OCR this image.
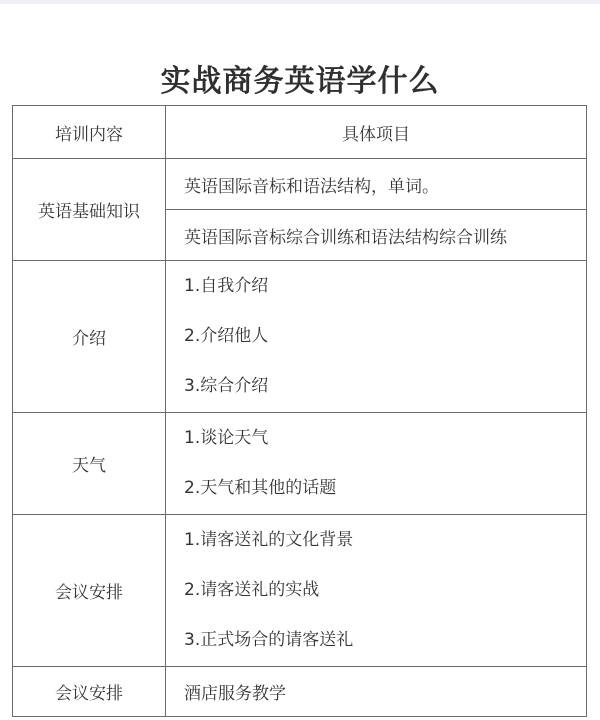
实战商务英语学什么
培训内容	具体项目
英语基础知识	英语国际音标和语法结构，单词。
	英语国际音标综合训练和语法结构综合训练
介绍	1.自我介绍
2.介绍他人
3.综合介绍

天气	1.谈论天气
2.天气和其他的话题

会议安排	1.请客送礼的文化背景
2.请客送礼的实战
3.正式场合的请客送礼

会议安排	酒店服务教学
